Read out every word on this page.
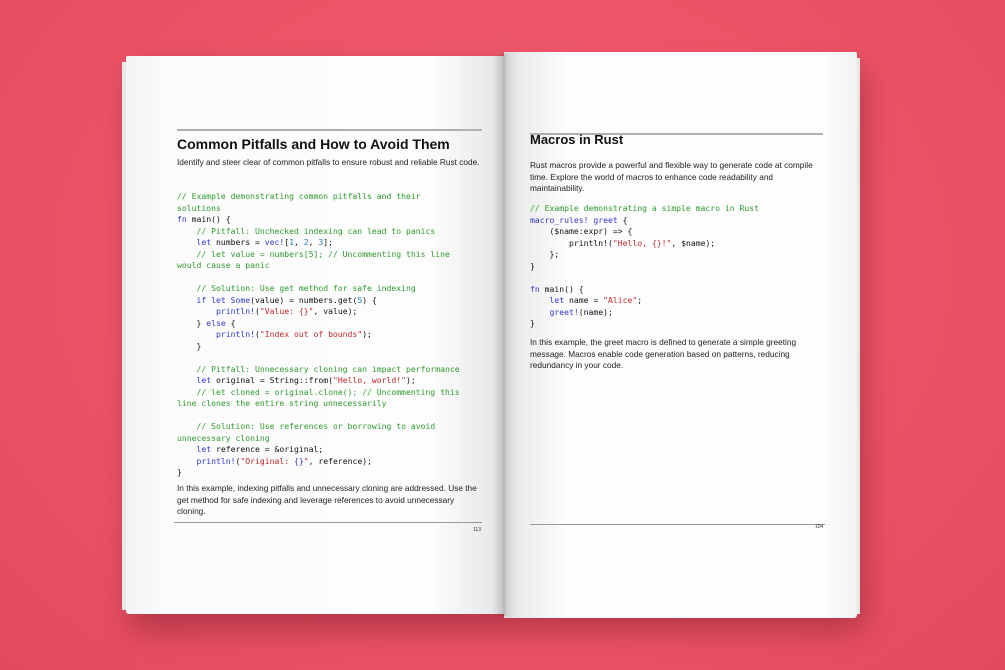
Common Pitfalls and How to Avoid Them
Identify and steer clear of common pitfalls to ensure robust and reliable Rust code.
// Example demonstrating common pitfalls and their
solutions
fn main() {
// Pitfall: Unchecked indexing can lead to panics
let numbers = vec![1, 2, 3];
// let value = numbers[5]; // Uncommenting this line
would cause a panic

// Solution: Use get method for safe indexing
if let Some(value) = numbers.get(5) {
println!("Value: {}", value);
} else {
println!("Index out of bounds");
}

// Pitfall: Unnecessary cloning can impact performance
let original = String::from("Hello, world!");
// let cloned = original.clone(); // Uncommenting this
line clones the entire string unnecessarily

// Solution: Use references or borrowing to avoid
unnecessary cloning
let reference = &original;
println!("Original: {}", reference);
}
In this example, indexing pitfalls and unnecessary cloning are addressed. Use the get method for safe indexing and leverage references to avoid unnecessary cloning.
113
Macros in Rust
Rust macros provide a powerful and flexible way to generate code at compile time. Explore the world of macros to enhance code readability and maintainability.
// Example demonstrating a simple macro in Rust
macro_rules! greet {
($name:expr) => {
println!("Hello, {}!", $name);
};
}

fn main() {
let name = "Alice";
greet!(name);
}
In this example, the greet macro is defined to generate a simple greeting message. Macros enable code generation based on patterns, reducing redundancy in your code.
104
